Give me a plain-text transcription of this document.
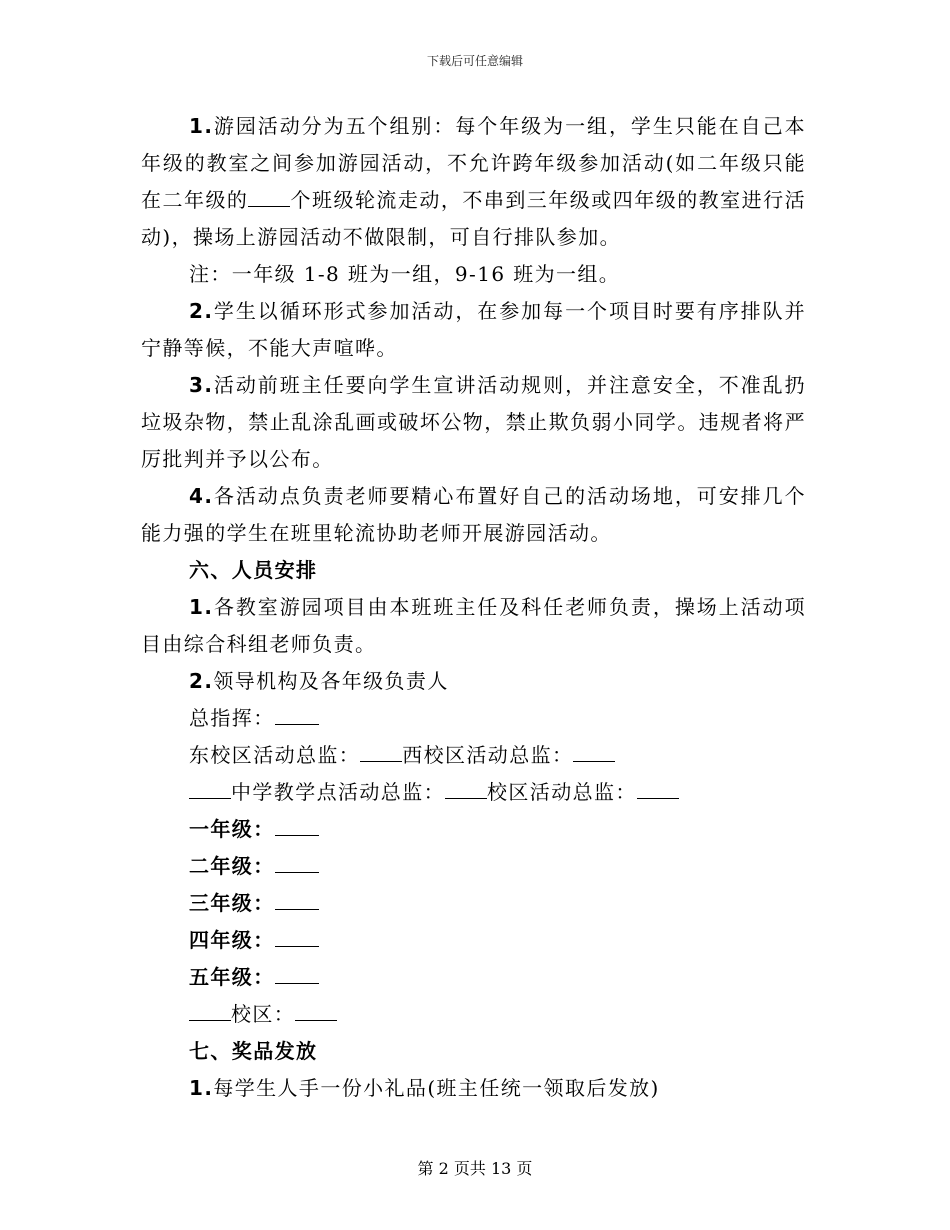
下载后可任意编辑

1.游园活动分为五个组别：每个年级为一组，学生只能在自己本年级的教室之间参加游园活动，不允许跨年级参加活动(如二年级只能在二年级的 个班级轮流走动，不串到三年级或四年级的教室进行活动)，操场上游园活动不做限制，可自行排队参加。

注：一年级 1-8 班为一组，9-16 班为一组。

2.学生以循环形式参加活动，在参加每一个项目时要有序排队并宁静等候，不能大声喧哗。

3.活动前班主任要向学生宣讲活动规则，并注意安全，不准乱扔垃圾杂物，禁止乱涂乱画或破坏公物，禁止欺负弱小同学。违规者将严厉批判并予以公布。

4.各活动点负责老师要精心布置好自己的活动场地，可安排几个能力强的学生在班里轮流协助老师开展游园活动。

六、人员安排

1.各教室游园项目由本班班主任及科任老师负责，操场上活动项目由综合科组老师负责。

2.领导机构及各年级负责人
总指挥：
东校区活动总监： 西校区活动总监：
中学教学点活动总监： 校区活动总监：
一年级：
二年级：
三年级：
四年级：
五年级：
校区：
七、奖品发放
1.每学生人手一份小礼品(班主任统一领取后发放)
第 2 页共 13 页
